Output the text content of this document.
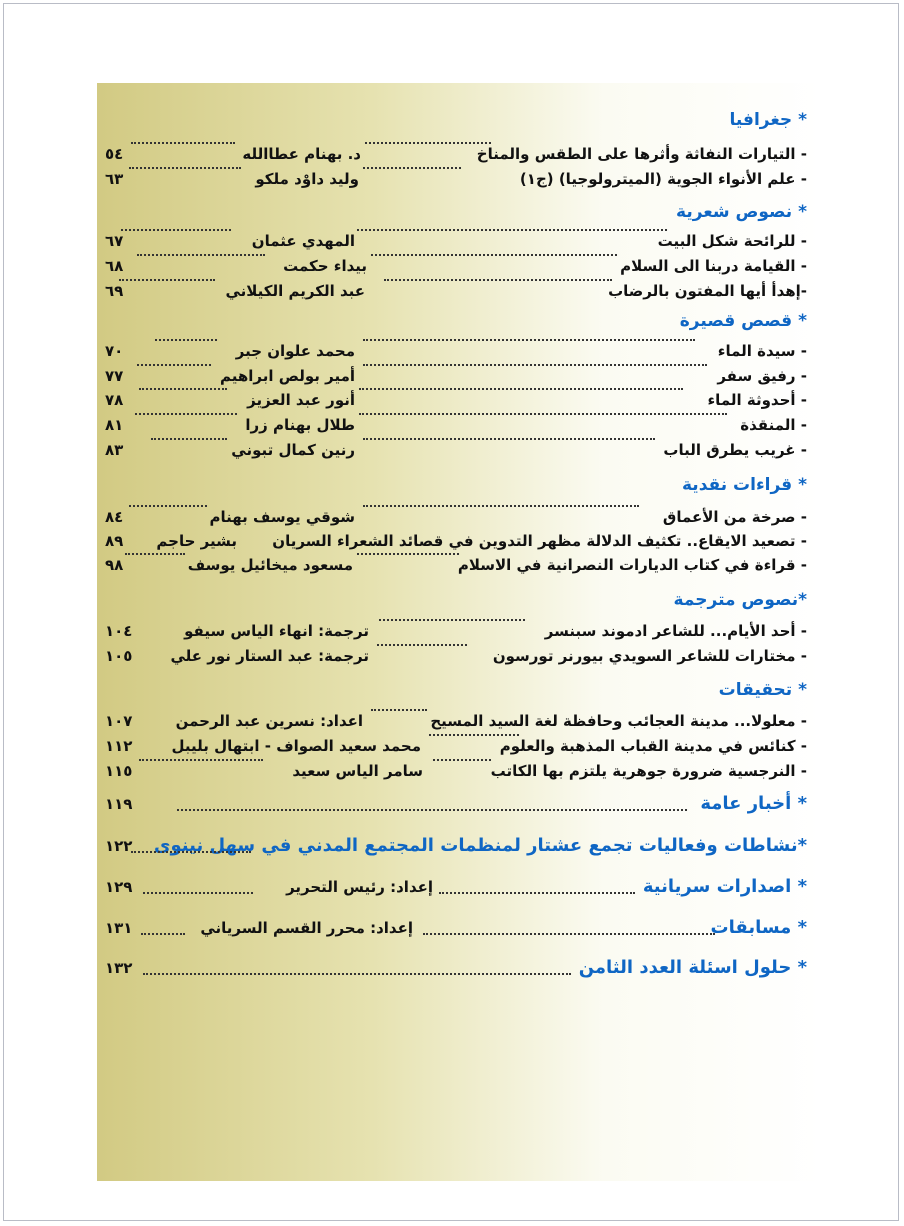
* جغرافيا
- التيارات النفاثة وأثرها على الطقس والمناخ
د. بهنام عطاالله
٥٤
- علم الأنواء الجوية (الميترولوجيا) (ج١)
وليد داوْد ملكو
٦٣
* نصوص شعرية
- للرائحة شكل البيت
المهدي عثمان
٦٧
- القيامة دربنا الى السلام
بيداء حكمت
٦٨
-إهدأ أيها المفتون بالرضاب
عبد الكريم الكيلاني
٦٩
* قصص قصيرة
- سيدة الماء
محمد علوان جبر
٧٠
- رفيق سفر
أمير بولص ابراهيم
٧٧
- أحدوثة الماء
أنور عبد العزيز
٧٨
- المنقذة
طلال بهنام زرا
٨١
- غريب يطرق الباب
رنين كمال تبوني
٨٣
* قراءات نقدية
- صرخة من الأعماق
شوقي يوسف بهنام
٨٤
- تصعيد الايقاع.. تكثيف الدلالة مظهر التدوين في قصائد الشعراء السريان
بشير حاجم
٨٩
- قراءة في كتاب الديارات النصرانية في الاسلام
مسعود ميخائيل يوسف
٩٨
*نصوص مترجمة
- أحد الأيام... للشاعر ادموند سبنسر
ترجمة: انهاء الياس سيفو
١٠٤
- مختارات للشاعر السويدي بيورنر تورسون
ترجمة: عبد الستار نور علي
١٠٥
* تحقيقات
- معلولا... مدينة العجائب وحافظة لغة السيد المسيح
اعداد: نسرين عبد الرحمن
١٠٧
- كنائس في مدينة القباب المذهبة والعلوم
محمد سعيد الصواف - ابتهال بليبل
١١٢
- النرجسية ضرورة جوهرية يلتزم بها الكاتب
سامر الياس سعيد
١١٥
* أخبار عامة
١١٩
*نشاطات وفعاليات تجمع عشتار لمنظمات المجتمع المدني في سهل نينوى
١٢٢
* اصدارات سريانية
إعداد: رئيس التحرير
١٢٩
* مسابقات
إعداد: محرر القسم السرياني
١٣١
* حلول اسئلة العدد الثامن
١٣٢
